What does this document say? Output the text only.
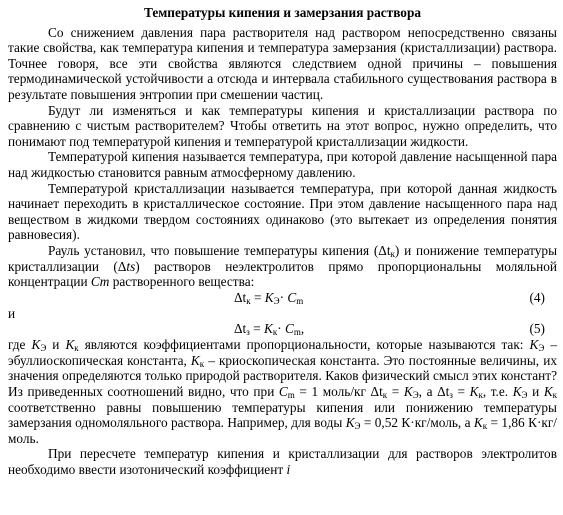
Температуры кипения и замерзания раствора

Со снижением давления пара растворителя над раствором непосредственно связаны такие свойства, как температура кипения и температура замерзания (кристаллизации) раствора. Точнее говоря, все эти свойства являются следствием одной причины – повышения термодинамической устойчивости а отсюда и интервала стабильного существования раствора в результате повышения энтропии при смешении частиц.

Будут ли изменяться и как температуры кипения и кристаллизации раствора по сравнению с чистым растворителем? Чтобы ответить на этот вопрос, нужно определить, что понимают под температурой кипения и температурой кристаллизации жидкости.

Температурой кипения называется температура, при которой давление насыщенной пара над жидкостью становится равным атмосферному давлению.

Температурой кристаллизации называется температура, при которой данная жидкость начинает переходить в кристаллическое состояние. При этом давление насыщенного пара над веществом в жидкоми твердом состояниях одинаково (это вытекает из определения понятия равновесия).

Рауль установил, что повышение температуры кипения $(\Delta t_к)$ и понижение температуры кристаллизации (Δts) растворов неэлектролитов прямо пропорциональны моляльной концентрации Cm растворенного вещества:

$\Delta t_к = К_Э\cdot C_m$	(4)

и

$\Delta t_з = К_к\cdot C_m$,	(5)

где $К_Э$ и $К_к$ являются коэффициентами пропорциональности, которые называются так: $К_Э$ – эбуллиоскопическая константа, $К_к$ – криоскопическая константа. Это постоянные величины, их значения определяются только природой растворителя. Каков физический смысл этих констант? Из приведенных соотношений видно, что при $C_m = 1$ моль/кг $\Delta t_к = К_Э$, а $\Delta t_з = К_к$, т.е. $К_Э$ и $К_к$ соответственно равны повышению температуры кипения или понижению температуры замерзания одномоляльного раствора. Например, для воды $К_Э = 0,52$ К·кг/моль, а $К_к = 1,86$ К·кг/моль.

При пересчете температур кипения и кристаллизации для растворов электролитов необходимо ввести изотонический коэффициент i
